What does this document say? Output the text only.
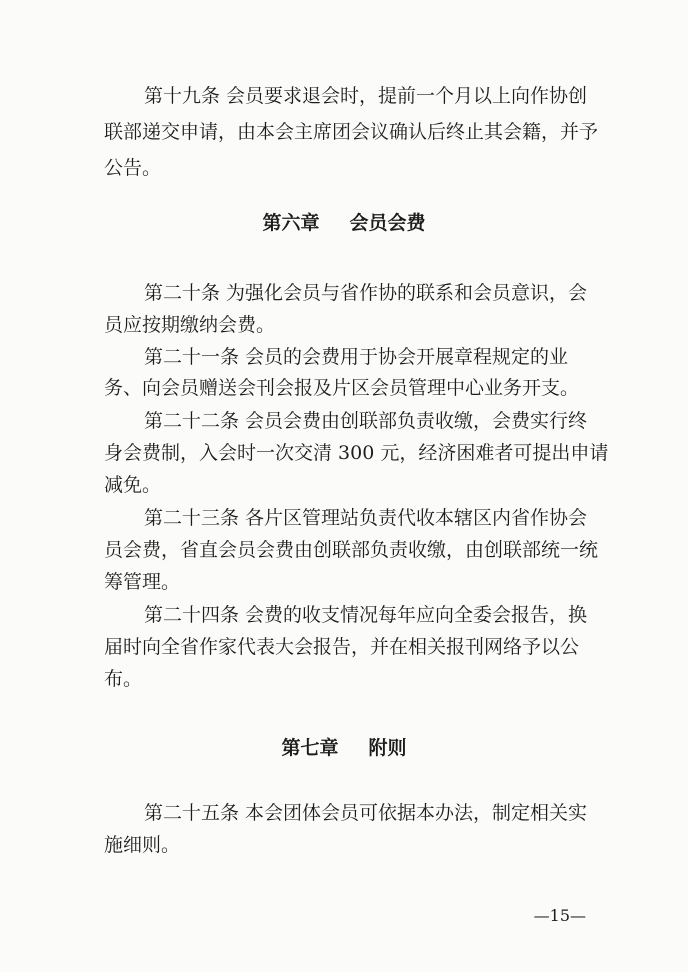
第十九条 会员要求退会时，提前一个月以上向作协创
联部递交申请，由本会主席团会议确认后终止其会籍，并予
公告。
第六章 会员会费
第二十条 为强化会员与省作协的联系和会员意识，会
员应按期缴纳会费。
第二十一条 会员的会费用于协会开展章程规定的业
务、向会员赠送会刊会报及片区会员管理中心业务开支。
第二十二条 会员会费由创联部负责收缴，会费实行终
身会费制，入会时一次交清 300 元，经济困难者可提出申请
减免。
第二十三条 各片区管理站负责代收本辖区内省作协会
员会费，省直会员会费由创联部负责收缴，由创联部统一统
筹管理。
第二十四条 会费的收支情况每年应向全委会报告，换
届时向全省作家代表大会报告，并在相关报刊网络予以公
布。
第七章 附则
第二十五条 本会团体会员可依据本办法，制定相关实
施细则。
—15—
